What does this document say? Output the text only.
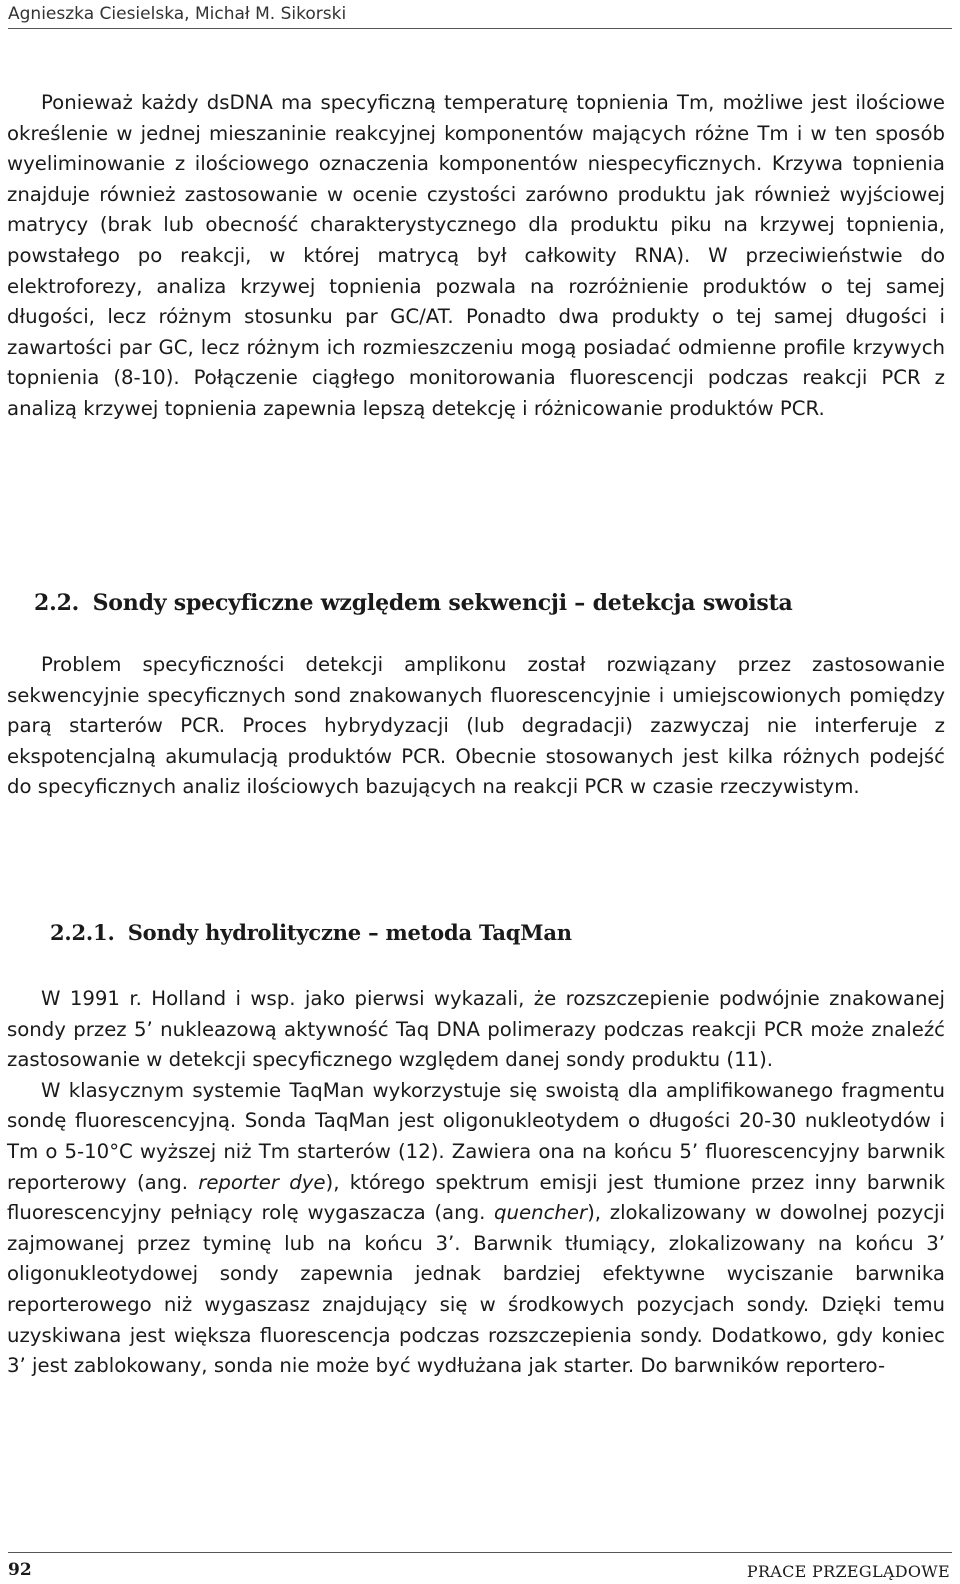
Agnieszka Ciesielska, Michał M. Sikorski

Ponieważ każdy dsDNA ma specyficzną temperaturę topnienia Tm, możliwe jest ilościowe określenie w jednej mieszaninie reakcyjnej komponentów mających różne Tm i w ten sposób wyeliminowanie z ilościowego oznaczenia komponentów niespecyficznych. Krzywa topnienia znajduje również zastosowanie w ocenie czystości zarówno produktu jak również wyjściowej matrycy (brak lub obecność charakterystycznego dla produktu piku na krzywej topnienia, powstałego po reakcji, w której matrycą był całkowity RNA). W przeciwieństwie do elektroforezy, analiza krzywej topnienia pozwala na rozróżnienie produktów o tej samej długości, lecz różnym stosunku par GC/AT. Ponadto dwa produkty o tej samej długości i zawartości par GC, lecz różnym ich rozmieszczeniu mogą posiadać odmienne profile krzywych topnienia (8-10). Połączenie ciągłego monitorowania fluorescencji podczas reakcji PCR z analizą krzywej topnienia zapewnia lepszą detekcję i różnicowanie produktów PCR.

2.2. Sondy specyficzne względem sekwencji – detekcja swoista

Problem specyficzności detekcji amplikonu został rozwiązany przez zastosowanie sekwencyjnie specyficznych sond znakowanych fluorescencyjnie i umiejscowionych pomiędzy parą starterów PCR. Proces hybrydyzacji (lub degradacji) zazwyczaj nie interferuje z ekspotencjalną akumulacją produktów PCR. Obecnie stosowanych jest kilka różnych podejść do specyficznych analiz ilościowych bazujących na reakcji PCR w czasie rzeczywistym.

2.2.1. Sondy hydrolityczne – metoda TaqMan

W 1991 r. Holland i wsp. jako pierwsi wykazali, że rozszczepienie podwójnie znakowanej sondy przez 5’ nukleazową aktywność Taq DNA polimerazy podczas reakcji PCR może znaleźć zastosowanie w detekcji specyficznego względem danej sondy produktu (11).

W klasycznym systemie TaqMan wykorzystuje się swoistą dla amplifikowanego fragmentu sondę fluorescencyjną. Sonda TaqMan jest oligonukleotydem o długości 20-30 nukleotydów i Tm o 5-10°C wyższej niż Tm starterów (12). Zawiera ona na końcu 5’ fluorescencyjny barwnik reporterowy (ang. reporter dye), którego spektrum emisji jest tłumione przez inny barwnik fluorescencyjny pełniący rolę wygaszacza (ang. quencher), zlokalizowany w dowolnej pozycji zajmowanej przez tyminę lub na końcu 3’. Barwnik tłumiący, zlokalizowany na końcu 3’ oligonukleotydowej sondy zapewnia jednak bardziej efektywne wyciszanie barwnika reporterowego niż wygaszasz znajdujący się w środkowych pozycjach sondy. Dzięki temu uzyskiwana jest większa fluorescencja podczas rozszczepienia sondy. Dodatkowo, gdy koniec 3’ jest zablokowany, sonda nie może być wydłużana jak starter. Do barwników reportero-

92	PRACE PRZEGLĄDOWE
